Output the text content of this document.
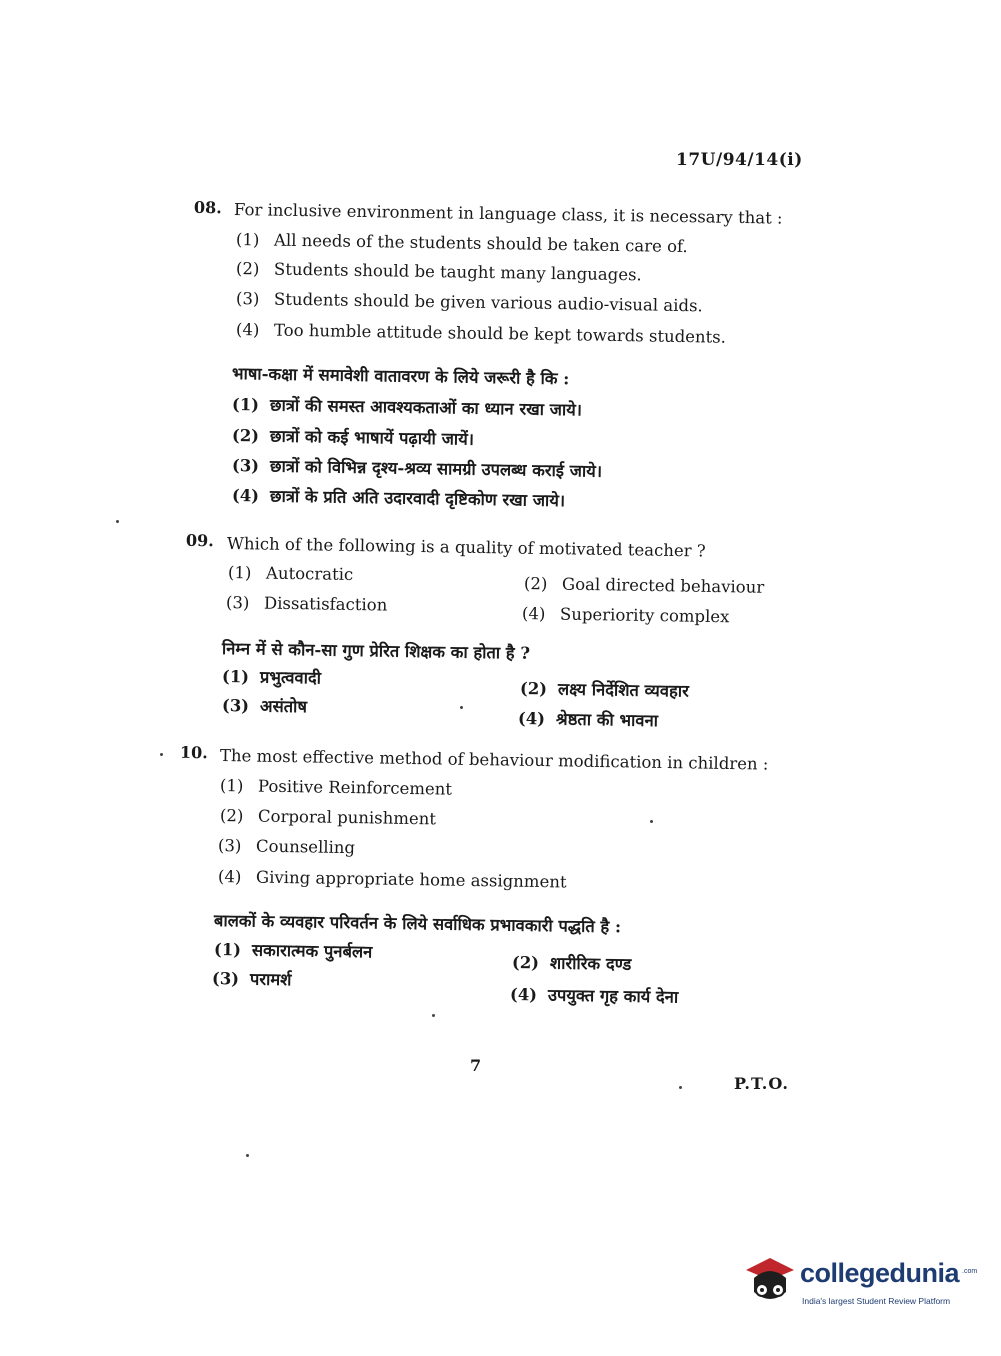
17U/94/14(i)
08. For inclusive environment in language class, it is necessary that :
(1) All needs of the students should be taken care of.
(2) Students should be taught many languages.
(3) Students should be given various audio-visual aids.
(4) Too humble attitude should be kept towards students.
भाषा-कक्षा में समावेशी वातावरण के लिये जरूरी है कि :
(1) छात्रों की समस्त आवश्यकताओं का ध्यान रखा जाये।
(2) छात्रों को कई भाषायें पढ़ायी जायें।
(3) छात्रों को विभिन्न दृश्य-श्रव्य सामग्री उपलब्ध कराई जाये।
(4) छात्रों के प्रति अति उदारवादी दृष्टिकोण रखा जाये।
09. Which of the following is a quality of motivated teacher ?
(1) Autocratic	(2) Goal directed behaviour
(3) Dissatisfaction	(4) Superiority complex
निम्न में से कौन-सा गुण प्रेरित शिक्षक का होता है ?
(1) प्रभुत्ववादी
(2) लक्ष्य निर्देशित व्यवहार
(3) असंतोष
(4) श्रेष्ठता की भावना
10. The most effective method of behaviour modification in children :
(1) Positive Reinforcement
(2) Corporal punishment
(3) Counselling
(4) Giving appropriate home assignment
बालकों के व्यवहार परिवर्तन के लिये सर्वाधिक प्रभावकारी पद्धति है :
(1) सकारात्मक पुनर्बलन
(2) शारीरिक दण्ड
(3) परामर्श
(4) उपयुक्त गृह कार्य देना
7
P.T.O.
collegedunia .com
India's largest Student Review Platform
